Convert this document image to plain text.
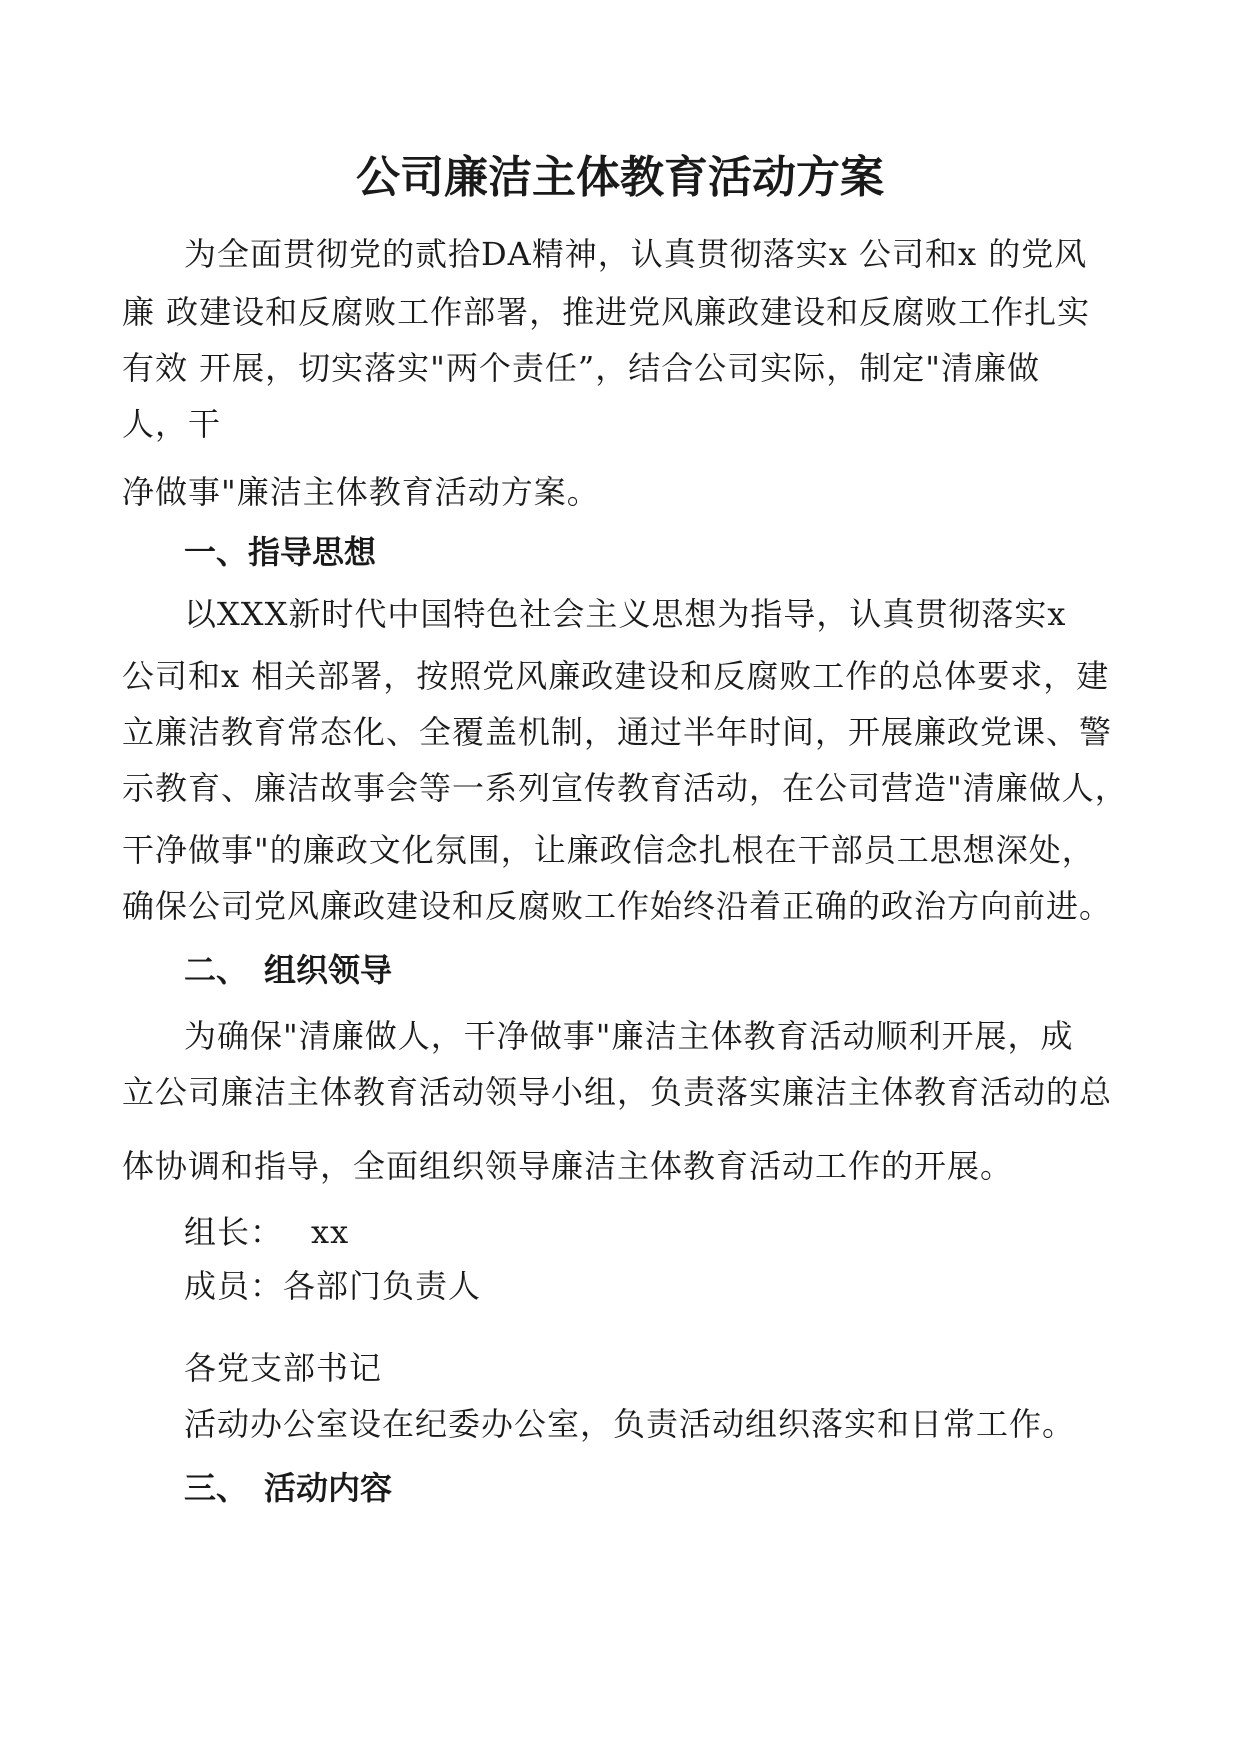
公司廉洁主体教育活动方案

为全面贯彻党的贰拾DA精神，认真贯彻落实x 公司和x 的党风

廉 政建设和反腐败工作部署，推进党风廉政建设和反腐败工作扎实

有效 开展，切实落实"两个责任”，结合公司实际，制定"清廉做

人，干

净做事"廉洁主体教育活动方案。

一、指导思想

以XXX新时代中国特色社会主义思想为指导，认真贯彻落实x

公司和x 相关部署，按照党风廉政建设和反腐败工作的总体要求，建

立廉洁教育常态化、全覆盖机制，通过半年时间，开展廉政党课、警

示教育、廉洁故事会等一系列宣传教育活动，在公司营造"清廉做人，

干净做事"的廉政文化氛围，让廉政信念扎根在干部员工思想深处，

确保公司党风廉政建设和反腐败工作始终沿着正确的政治方向前进。

二、 组织领导

为确保"清廉做人，干净做事"廉洁主体教育活动顺利开展，成

立公司廉洁主体教育活动领导小组，负责落实廉洁主体教育活动的总

体协调和指导，全面组织领导廉洁主体教育活动工作的开展。

组长： xx

成员：各部门负责人

各党支部书记

活动办公室设在纪委办公室，负责活动组织落实和日常工作。

三、 活动内容
